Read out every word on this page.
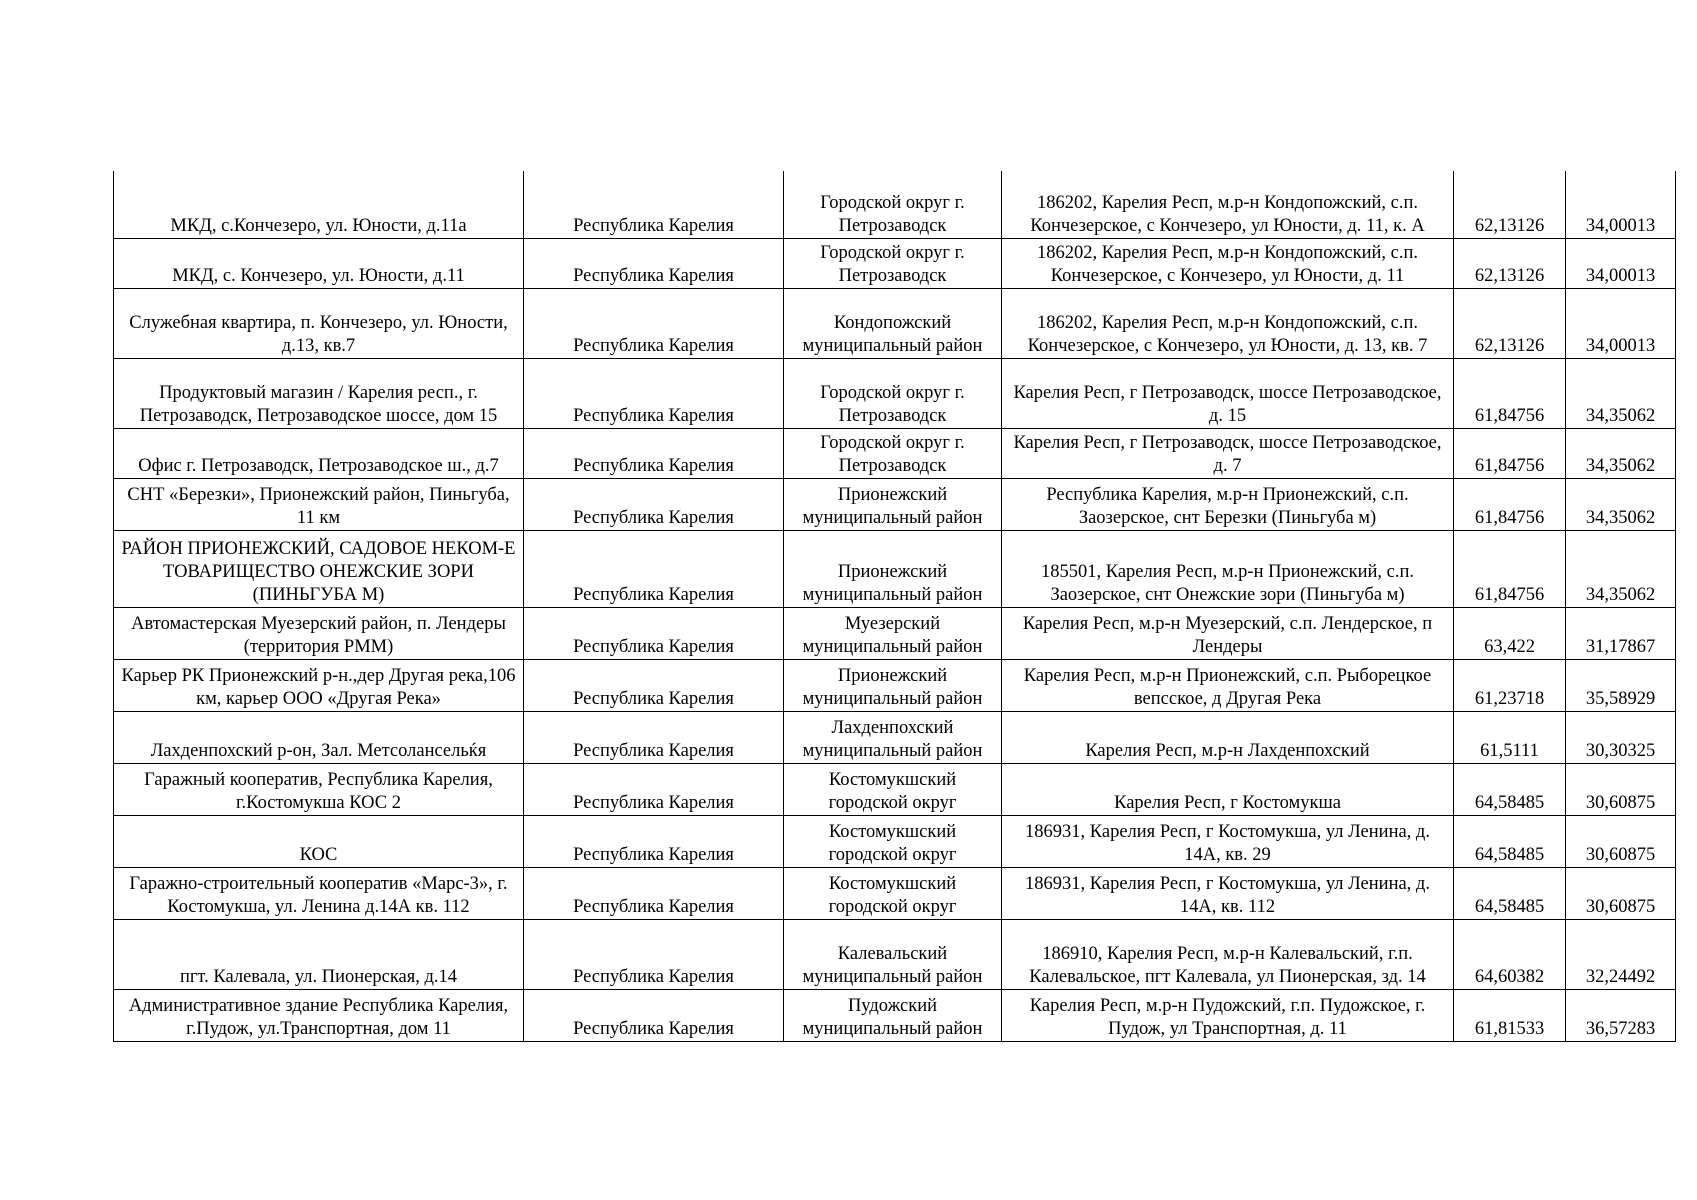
МКД, с.Кончезеро, ул. Юности, д.11а	Республика Карелия	Городской округ г. Петрозаводск	186202, Карелия Респ, м.р-н Кондопожский, с.п. Кончезерское, с Кончезеро, ул Юности, д. 11, к. А	62,13126	34,00013
МКД, с. Кончезеро, ул. Юности, д.11	Республика Карелия	Городской округ г. Петрозаводск	186202, Карелия Респ, м.р-н Кондопожский, с.п. Кончезерское, с Кончезеро, ул Юности, д. 11	62,13126	34,00013
Служебная квартира, п. Кончезеро, ул. Юности, д.13, кв.7	Республика Карелия	Кондопожский муниципальный район	186202, Карелия Респ, м.р-н Кондопожский, с.п. Кончезерское, с Кончезеро, ул Юности, д. 13, кв. 7	62,13126	34,00013
Продуктовый магазин / Карелия респ., г. Петрозаводск, Петрозаводское шоссе, дом 15	Республика Карелия	Городской округ г. Петрозаводск	Карелия Респ, г Петрозаводск, шоссе Петрозаводское, д. 15	61,84756	34,35062
Офис г. Петрозаводск, Петрозаводское ш., д.7	Республика Карелия	Городской округ г. Петрозаводск	Карелия Респ, г Петрозаводск, шоссе Петрозаводское, д. 7	61,84756	34,35062
СНТ «Березки», Прионежский район, Пиньгуба, 11 км	Республика Карелия	Прионежский муниципальный район	Республика Карелия, м.р-н Прионежский, с.п. Заозерское, снт Березки (Пиньгуба м)	61,84756	34,35062
РАЙОН ПРИОНЕЖСКИЙ, САДОВОЕ НЕКОМ-Е ТОВАРИЩЕСТВО ОНЕЖСКИЕ ЗОРИ (ПИНЬГУБА М)	Республика Карелия	Прионежский муниципальный район	185501, Карелия Респ, м.р-н Прионежский, с.п. Заозерское, снт Онежские зори (Пиньгуба м)	61,84756	34,35062
Автомастерская Муезерский район, п. Лендеры (территория РММ)	Республика Карелия	Муезерский муниципальный район	Карелия Респ, м.р-н Муезерский, с.п. Лендерское, п Лендеры	63,422	31,17867
Карьер РК Прионежский р-н.,дер Другая река,106 км, карьер ООО «Другая Река»	Республика Карелия	Прионежский муниципальный район	Карелия Респ, м.р-н Прионежский, с.п. Рыборецкое вепсское, д Другая Река	61,23718	35,58929
Лахденпохский р-он, Зал. Метсолансельќя	Республика Карелия	Лахденпохский муниципальный район	Карелия Респ, м.р-н Лахденпохский	61,5111	30,30325
Гаражный кооператив, Республика Карелия, г.Костомукша КОС 2	Республика Карелия	Костомукшский городской округ	Карелия Респ, г Костомукша	64,58485	30,60875
КОС	Республика Карелия	Костомукшский городской округ	186931, Карелия Респ, г Костомукша, ул Ленина, д. 14А, кв. 29	64,58485	30,60875
Гаражно-строительный кооператив «Марс-3», г. Костомукша, ул. Ленина д.14А кв. 112	Республика Карелия	Костомукшский городской округ	186931, Карелия Респ, г Костомукша, ул Ленина, д. 14А, кв. 112	64,58485	30,60875
пгт. Калевала, ул. Пионерская, д.14	Республика Карелия	Калевальский муниципальный район	186910, Карелия Респ, м.р-н Калевальский, г.п. Калевальское, пгт Калевала, ул Пионерская, зд. 14	64,60382	32,24492
Административное здание Республика Карелия, г.Пудож, ул.Транспортная, дом 11	Республика Карелия	Пудожский муниципальный район	Карелия Респ, м.р-н Пудожский, г.п. Пудожское, г. Пудож, ул Транспортная, д. 11	61,81533	36,57283
